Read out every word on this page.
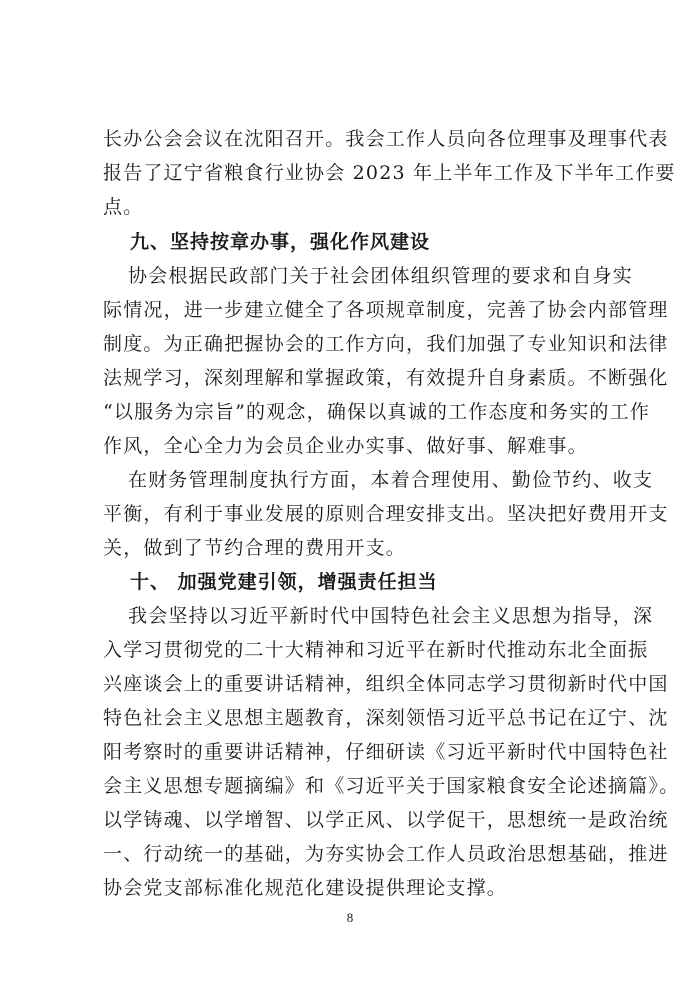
长办公会会议在沈阳召开。我会工作人员向各位理事及理事代表
报告了辽宁省粮食行业协会 2023 年上半年工作及下半年工作要
点。
九、坚持按章办事，强化作风建设
协会根据民政部门关于社会团体组织管理的要求和自身实
际情况，进一步建立健全了各项规章制度，完善了协会内部管理
制度。为正确把握协会的工作方向，我们加强了专业知识和法律
法规学习，深刻理解和掌握政策，有效提升自身素质。不断强化
“以服务为宗旨”的观念，确保以真诚的工作态度和务实的工作
作风，全心全力为会员企业办实事、做好事、解难事。
在财务管理制度执行方面，本着合理使用、勤俭节约、收支
平衡，有利于事业发展的原则合理安排支出。坚决把好费用开支
关，做到了节约合理的费用开支。
十、 加强党建引领，增强责任担当
我会坚持以习近平新时代中国特色社会主义思想为指导，深
入学习贯彻党的二十大精神和习近平在新时代推动东北全面振
兴座谈会上的重要讲话精神，组织全体同志学习贯彻新时代中国
特色社会主义思想主题教育，深刻领悟习近平总书记在辽宁、沈
阳考察时的重要讲话精神，仔细研读《习近平新时代中国特色社
会主义思想专题摘编》和《习近平关于国家粮食安全论述摘篇》。
以学铸魂、以学增智、以学正风、以学促干，思想统一是政治统
一、行动统一的基础，为夯实协会工作人员政治思想基础，推进
协会党支部标准化规范化建设提供理论支撑。
8
